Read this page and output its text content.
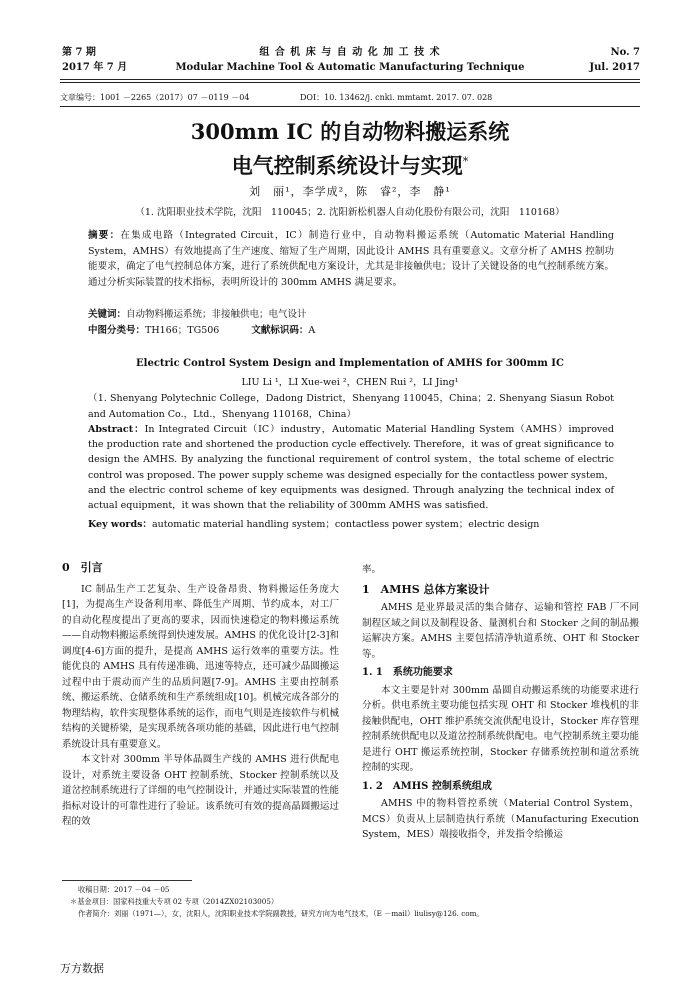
第 7 期
2017 年 7 月
组 合 机 床 与 自 动 化 加 工 技 术
Modular Machine Tool & Automatic Manufacturing Technique
No. 7
Jul. 2017
文章编号：1001 －2265（2017）07 －0119 －04	DOI：10. 13462/j. cnki. mmtamt. 2017. 07. 028
300mm IC 的自动物料搬运系统
电气控制系统设计与实现*
刘　丽¹，李学成²，陈　睿²，李　静¹
（1. 沈阳职业技术学院，沈阳　110045；2. 沈阳新松机器人自动化股份有限公司，沈阳　110168）
摘要：在集成电路（Integrated Circuit，IC）制造行业中，自动物料搬运系统（Automatic Material Handling System，AMHS）有效地提高了生产速度、缩短了生产周期，因此设计 AMHS 具有重要意义。文章分析了 AMHS 控制功能要求，确定了电气控制总体方案，进行了系统供配电方案设计，尤其是非接触供电；设计了关键设备的电气控制系统方案。通过分析实际装置的技术指标，表明所设计的 300mm AMHS 满足要求。
关键词：自动物料搬运系统；非接触供电；电气设计
中图分类号：TH166；TG506	文献标识码：A
Electric Control System Design and Implementation of AMHS for 300mm IC
LIU Li ¹，LI Xue-wei ²，CHEN Rui ²，LI Jing¹
（1. Shenyang Polytechnic College，Dadong District，Shenyang 110045，China；2. Shenyang Siasun Robot and Automation Co.，Ltd.，Shenyang 110168，China）
Abstract：In Integrated Circuit（IC）industry，Automatic Material Handling System（AMHS）improved the production rate and shortened the production cycle effectively. Therefore，it was of great significance to design the AMHS. By analyzing the functional requirement of control system，the total scheme of electric control was proposed. The power supply scheme was designed especially for the contactless power system，and the electric control scheme of key equipments was designed. Through analyzing the technical index of actual equipment，it was shown that the reliability of 300mm AMHS was satisfied.
Key words：automatic material handling system；contactless power system；electric design
0　引言

IC 制品生产工艺复杂、生产设备昂贵、物料搬运任务庞大[1]，为提高生产设备利用率、降低生产周期、节约成本，对工厂的自动化程度提出了更高的要求，因而快速稳定的物料搬运系统——自动物料搬运系统得到快速发展。AMHS 的优化设计[2-3]和调度[4-6]方面的提升，是提高 AMHS 运行效率的重要方法。性能优良的 AMHS 具有传递准确、迅速等特点，还可减少晶圆搬运过程中由于震动而产生的品质问题[7-9]。AMHS 主要由控制系统、搬运系统、仓储系统和生产系统组成[10]。机械完成各部分的物理结构，软件实现整体系统的运作，而电气则是连接软件与机械结构的关键桥梁，是实现系统各项功能的基础，因此进行电气控制系统设计具有重要意义。

本文针对 300mm 半导体晶圆生产线的 AMHS 进行供配电设计，对系统主要设备 OHT 控制系统、Stocker 控制系统以及道岔控制系统进行了详细的电气控制设计，并通过实际装置的性能指标对设计的可靠性进行了验证。该系统可有效的提高晶圆搬运过程的效

率。
1　AMHS 总体方案设计

AMHS 是业界最灵活的集合储存、运输和管控 FAB 厂不同制程区域之间以及制程设备、量测机台和 Stocker 之间的制品搬运解决方案。AMHS 主要包括清净轨道系统、OHT 和 Stocker 等。

1. 1　系统功能要求

本文主要是针对 300mm 晶圆自动搬运系统的功能要求进行分析。供电系统主要功能包括实现 OHT 和 Stocker 堆栈机的非接触供配电，OHT 维护系统交流供配电设计，Stocker 库存管理控制系统供配电以及道岔控制系统供配电。电气控制系统主要功能是进行 OHT 搬运系统控制，Stocker 存储系统控制和道岔系统控制的实现。

1. 2　AMHS 控制系统组成

AMHS 中的物料管控系统（Material Control System，MCS）负责从上层制造执行系统（Manufacturing Execution System，MES）端接收指令，并发指令给搬运

收稿日期：2017 －04 －05
＊基金项目：国家科技重大专项 02 专项（2014ZX02103005）
作者简介：刘丽（1971—），女，沈阳人，沈阳职业技术学院副教授，研究方向为电气技术，（E －mail）liulisy@126. com。
万方数据
